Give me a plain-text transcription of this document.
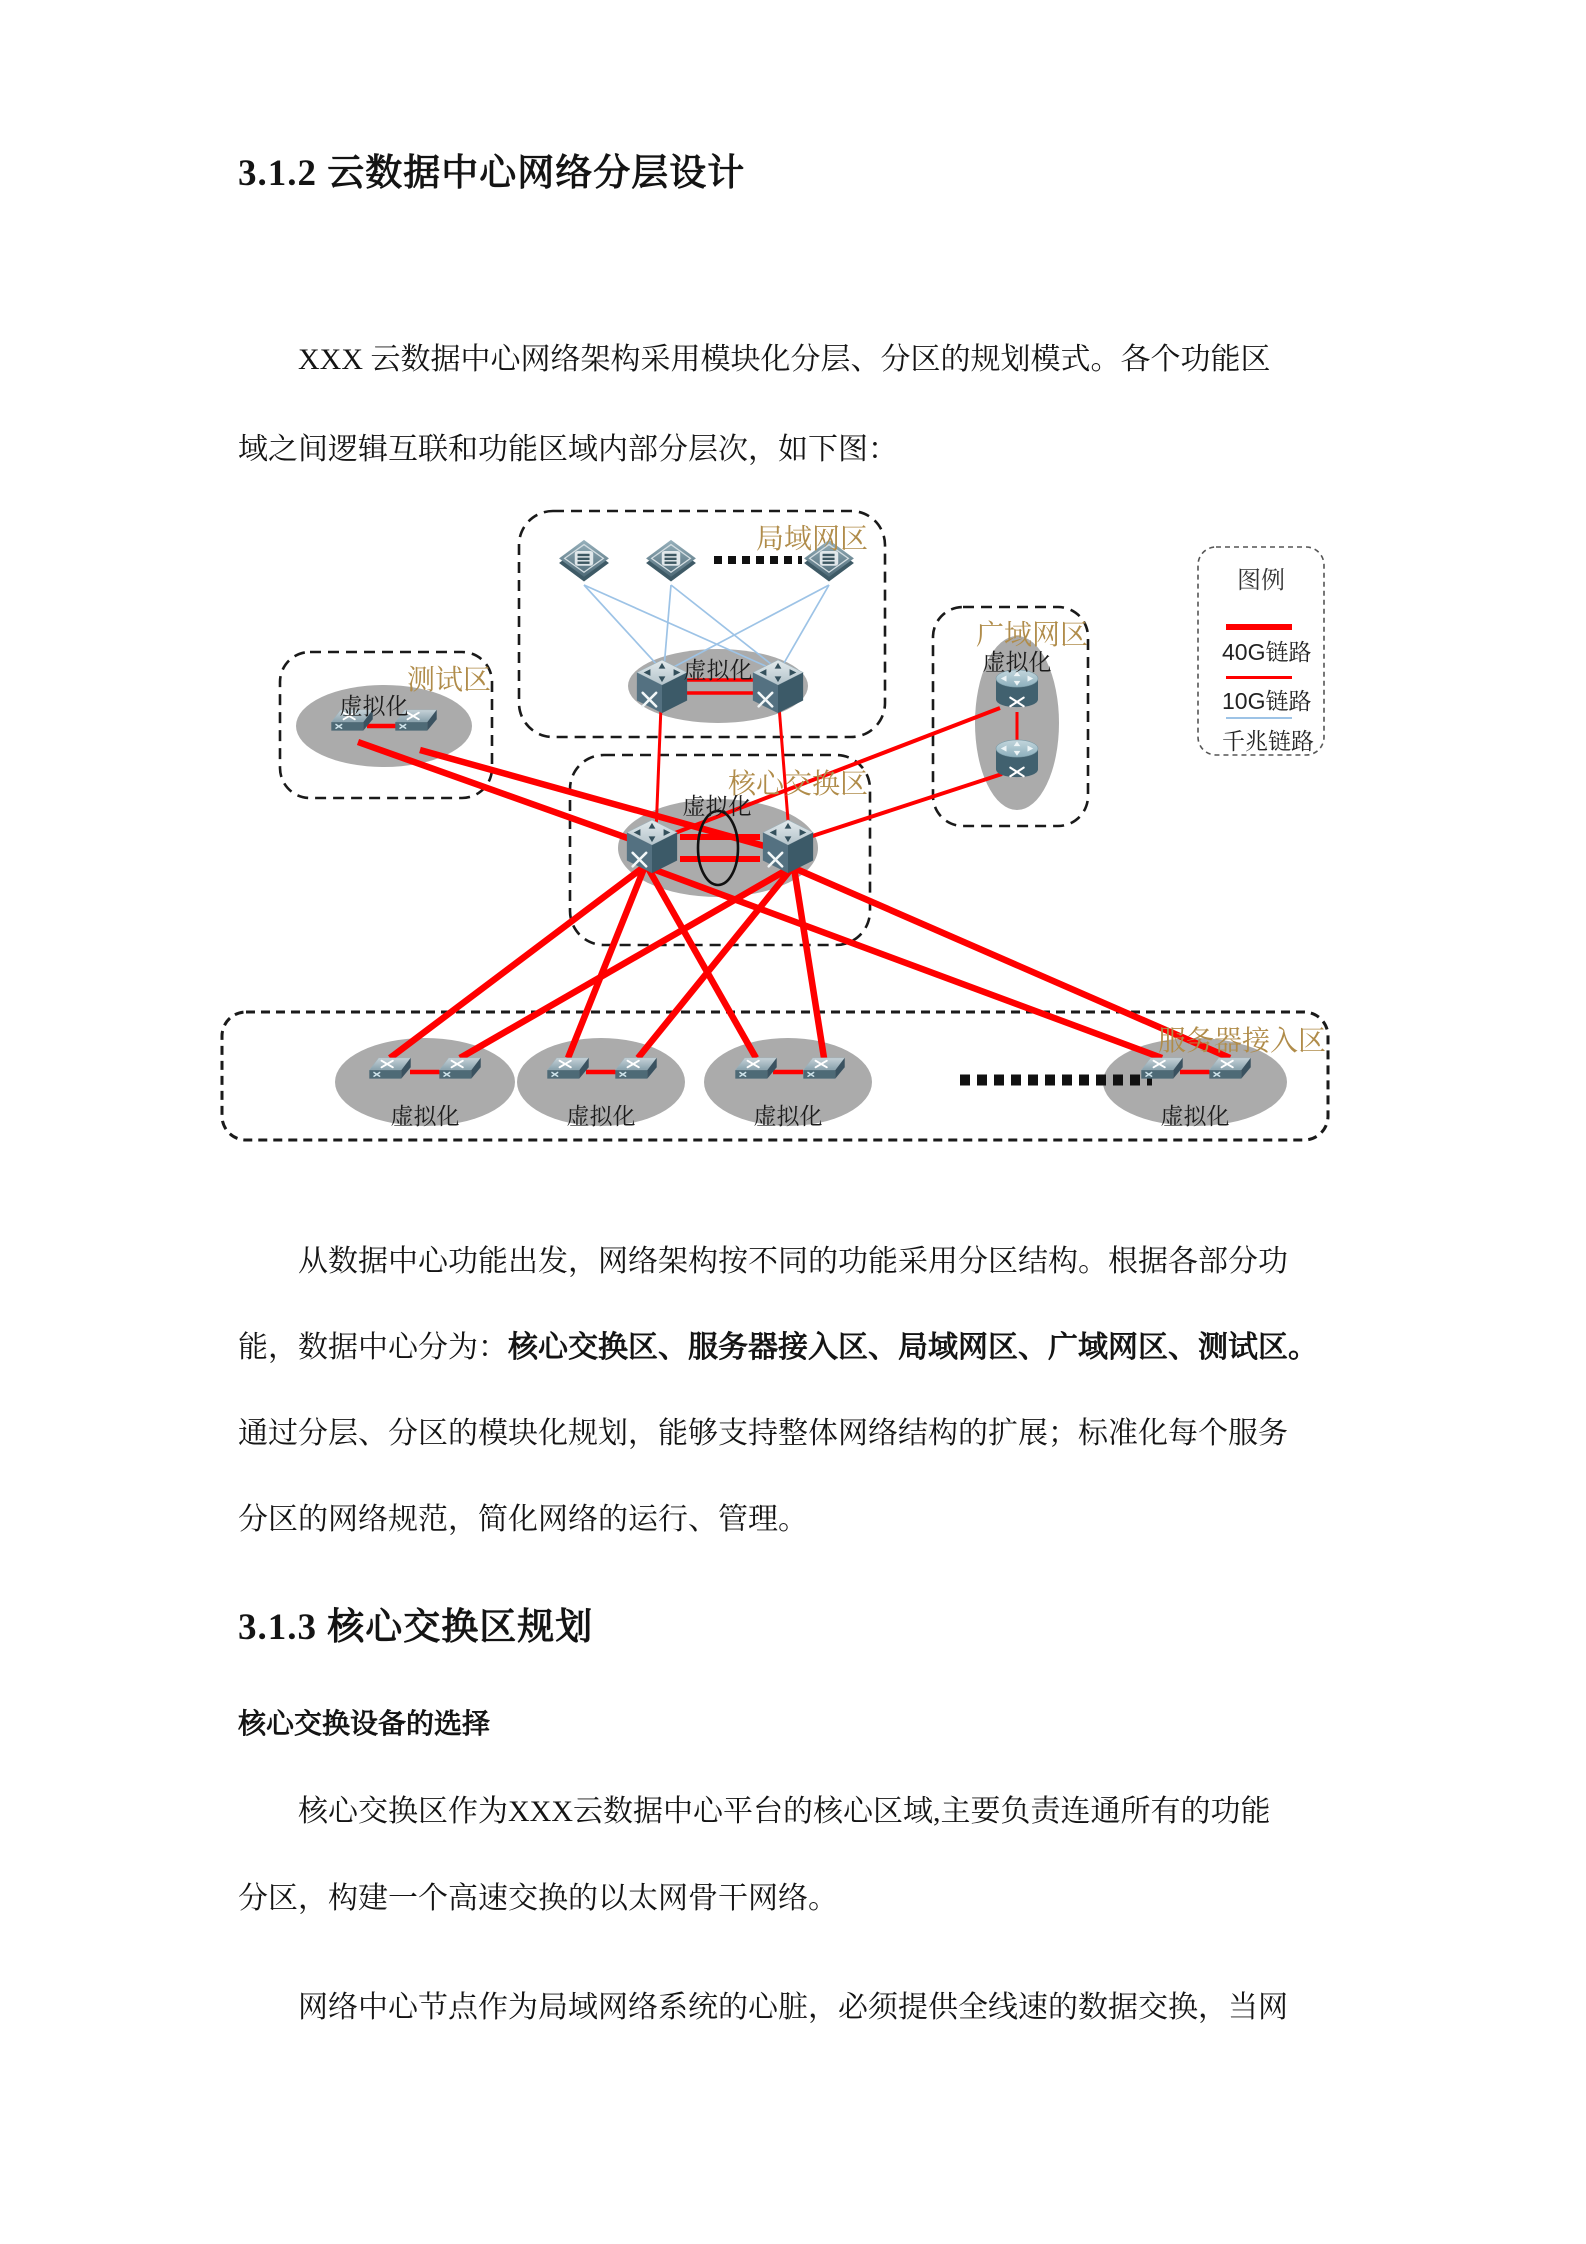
3.1.2 云数据中心网络分层设计
XXX 云数据中心网络架构采用模块化分层、分区的规划模式。各个功能区
域之间逻辑互联和功能区域内部分层次，如下图：
从数据中心功能出发，网络架构按不同的功能采用分区结构。根据各部分功
能，数据中心分为：核心交换区、服务器接入区、局域网区、广域网区、测试区。
通过分层、分区的模块化规划，能够支持整体网络结构的扩展；标准化每个服务
分区的网络规范，简化网络的运行、管理。
3.1.3 核心交换区规划
核心交换设备的选择
核心交换区作为XXX云数据中心平台的核心区域,主要负责连通所有的功能
分区，构建一个高速交换的以太网骨干网络。
网络中心节点作为局域网络系统的心脏，必须提供全线速的数据交换，当网
局域网区
测试区
广域网区
核心交换区
服务器接入区
虚拟化
虚拟化
虚拟化
虚拟化
虚拟化	虚拟化	虚拟化	虚拟化
图例
40G链路
10G链路
千兆链路
